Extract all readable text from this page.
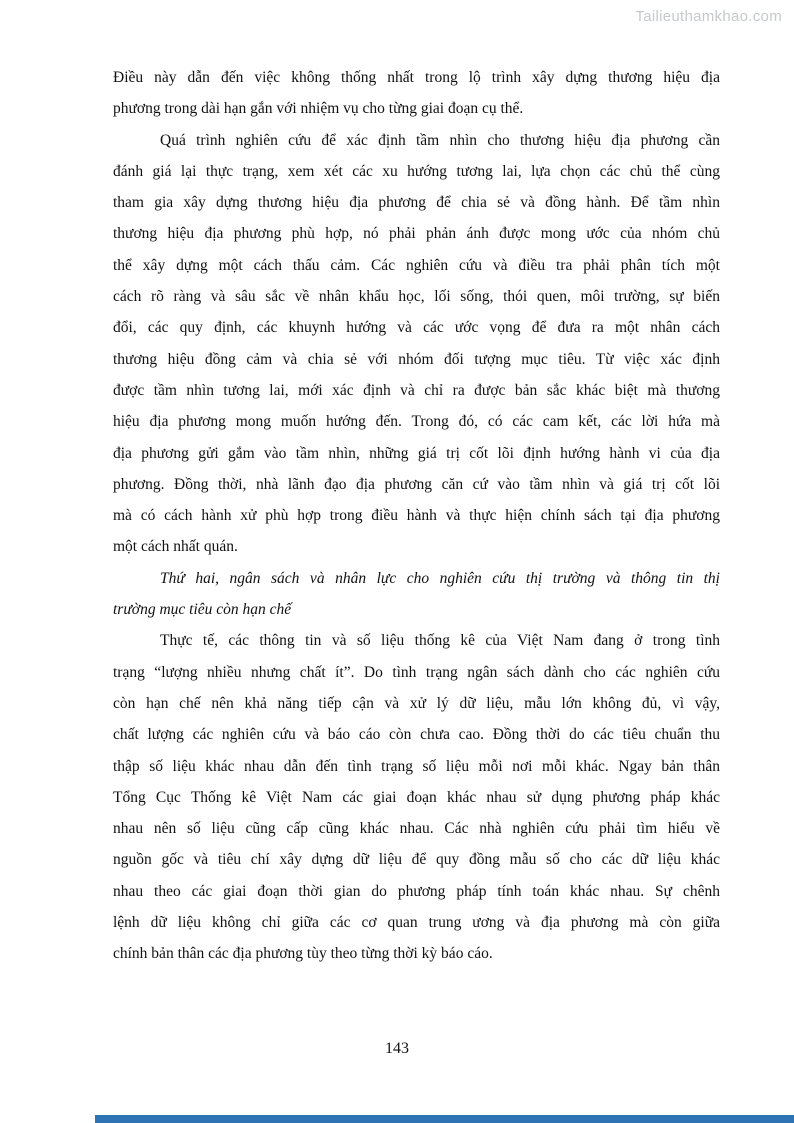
Tailieuthamkhao.com
Điều này dẫn đến việc không thống nhất trong lộ trình xây dựng thương hiệu địa
phương trong dài hạn gắn với nhiệm vụ cho từng giai đoạn cụ thể.
Quá trình nghiên cứu để xác định tầm nhìn cho thương hiệu địa phương cần
đánh giá lại thực trạng, xem xét các xu hướng tương lai, lựa chọn các chủ thể cùng
tham gia xây dựng thương hiệu địa phương để chia sẻ và đồng hành. Để tầm nhìn
thương hiệu địa phương phù hợp, nó phải phản ánh được mong ước của nhóm chủ
thể xây dựng một cách thấu cảm. Các nghiên cứu và điều tra phải phân tích một
cách rõ ràng và sâu sắc về nhân khẩu học, lối sống, thói quen, môi trường, sự biến
đổi, các quy định, các khuynh hướng và các ước vọng để đưa ra một nhân cách
thương hiệu đồng cảm và chia sẻ với nhóm đối tượng mục tiêu. Từ việc xác định
được tầm nhìn tương lai, mới xác định và chỉ ra được bản sắc khác biệt mà thương
hiệu địa phương mong muốn hướng đến. Trong đó, có các cam kết, các lời hứa mà
địa phương gửi gắm vào tầm nhìn, những giá trị cốt lõi định hướng hành vi của địa
phương. Đồng thời, nhà lãnh đạo địa phương căn cứ vào tầm nhìn và giá trị cốt lõi
mà có cách hành xử phù hợp trong điều hành và thực hiện chính sách tại địa phương
một cách nhất quán.
Thứ hai, ngân sách và nhân lực cho nghiên cứu thị trường và thông tin thị
trường mục tiêu còn hạn chế
Thực tế, các thông tin và số liệu thống kê của Việt Nam đang ở trong tình
trạng “lượng nhiều nhưng chất ít”. Do tình trạng ngân sách dành cho các nghiên cứu
còn hạn chế nên khả năng tiếp cận và xử lý dữ liệu, mẫu lớn không đủ, vì vậy,
chất lượng các nghiên cứu và báo cáo còn chưa cao. Đồng thời do các tiêu chuẩn thu
thập số liệu khác nhau dẫn đến tình trạng số liệu mỗi nơi mỗi khác. Ngay bản thân
Tổng Cục Thống kê Việt Nam các giai đoạn khác nhau sử dụng phương pháp khác
nhau nên số liệu cũng cấp cũng khác nhau. Các nhà nghiên cứu phải tìm hiểu về
nguồn gốc và tiêu chí xây dựng dữ liệu để quy đồng mẫu số cho các dữ liệu khác
nhau theo các giai đoạn thời gian do phương pháp tính toán khác nhau. Sự chênh
lệnh dữ liệu không chỉ giữa các cơ quan trung ương và địa phương mà còn giữa
chính bản thân các địa phương tùy theo từng thời kỳ báo cáo.
143
